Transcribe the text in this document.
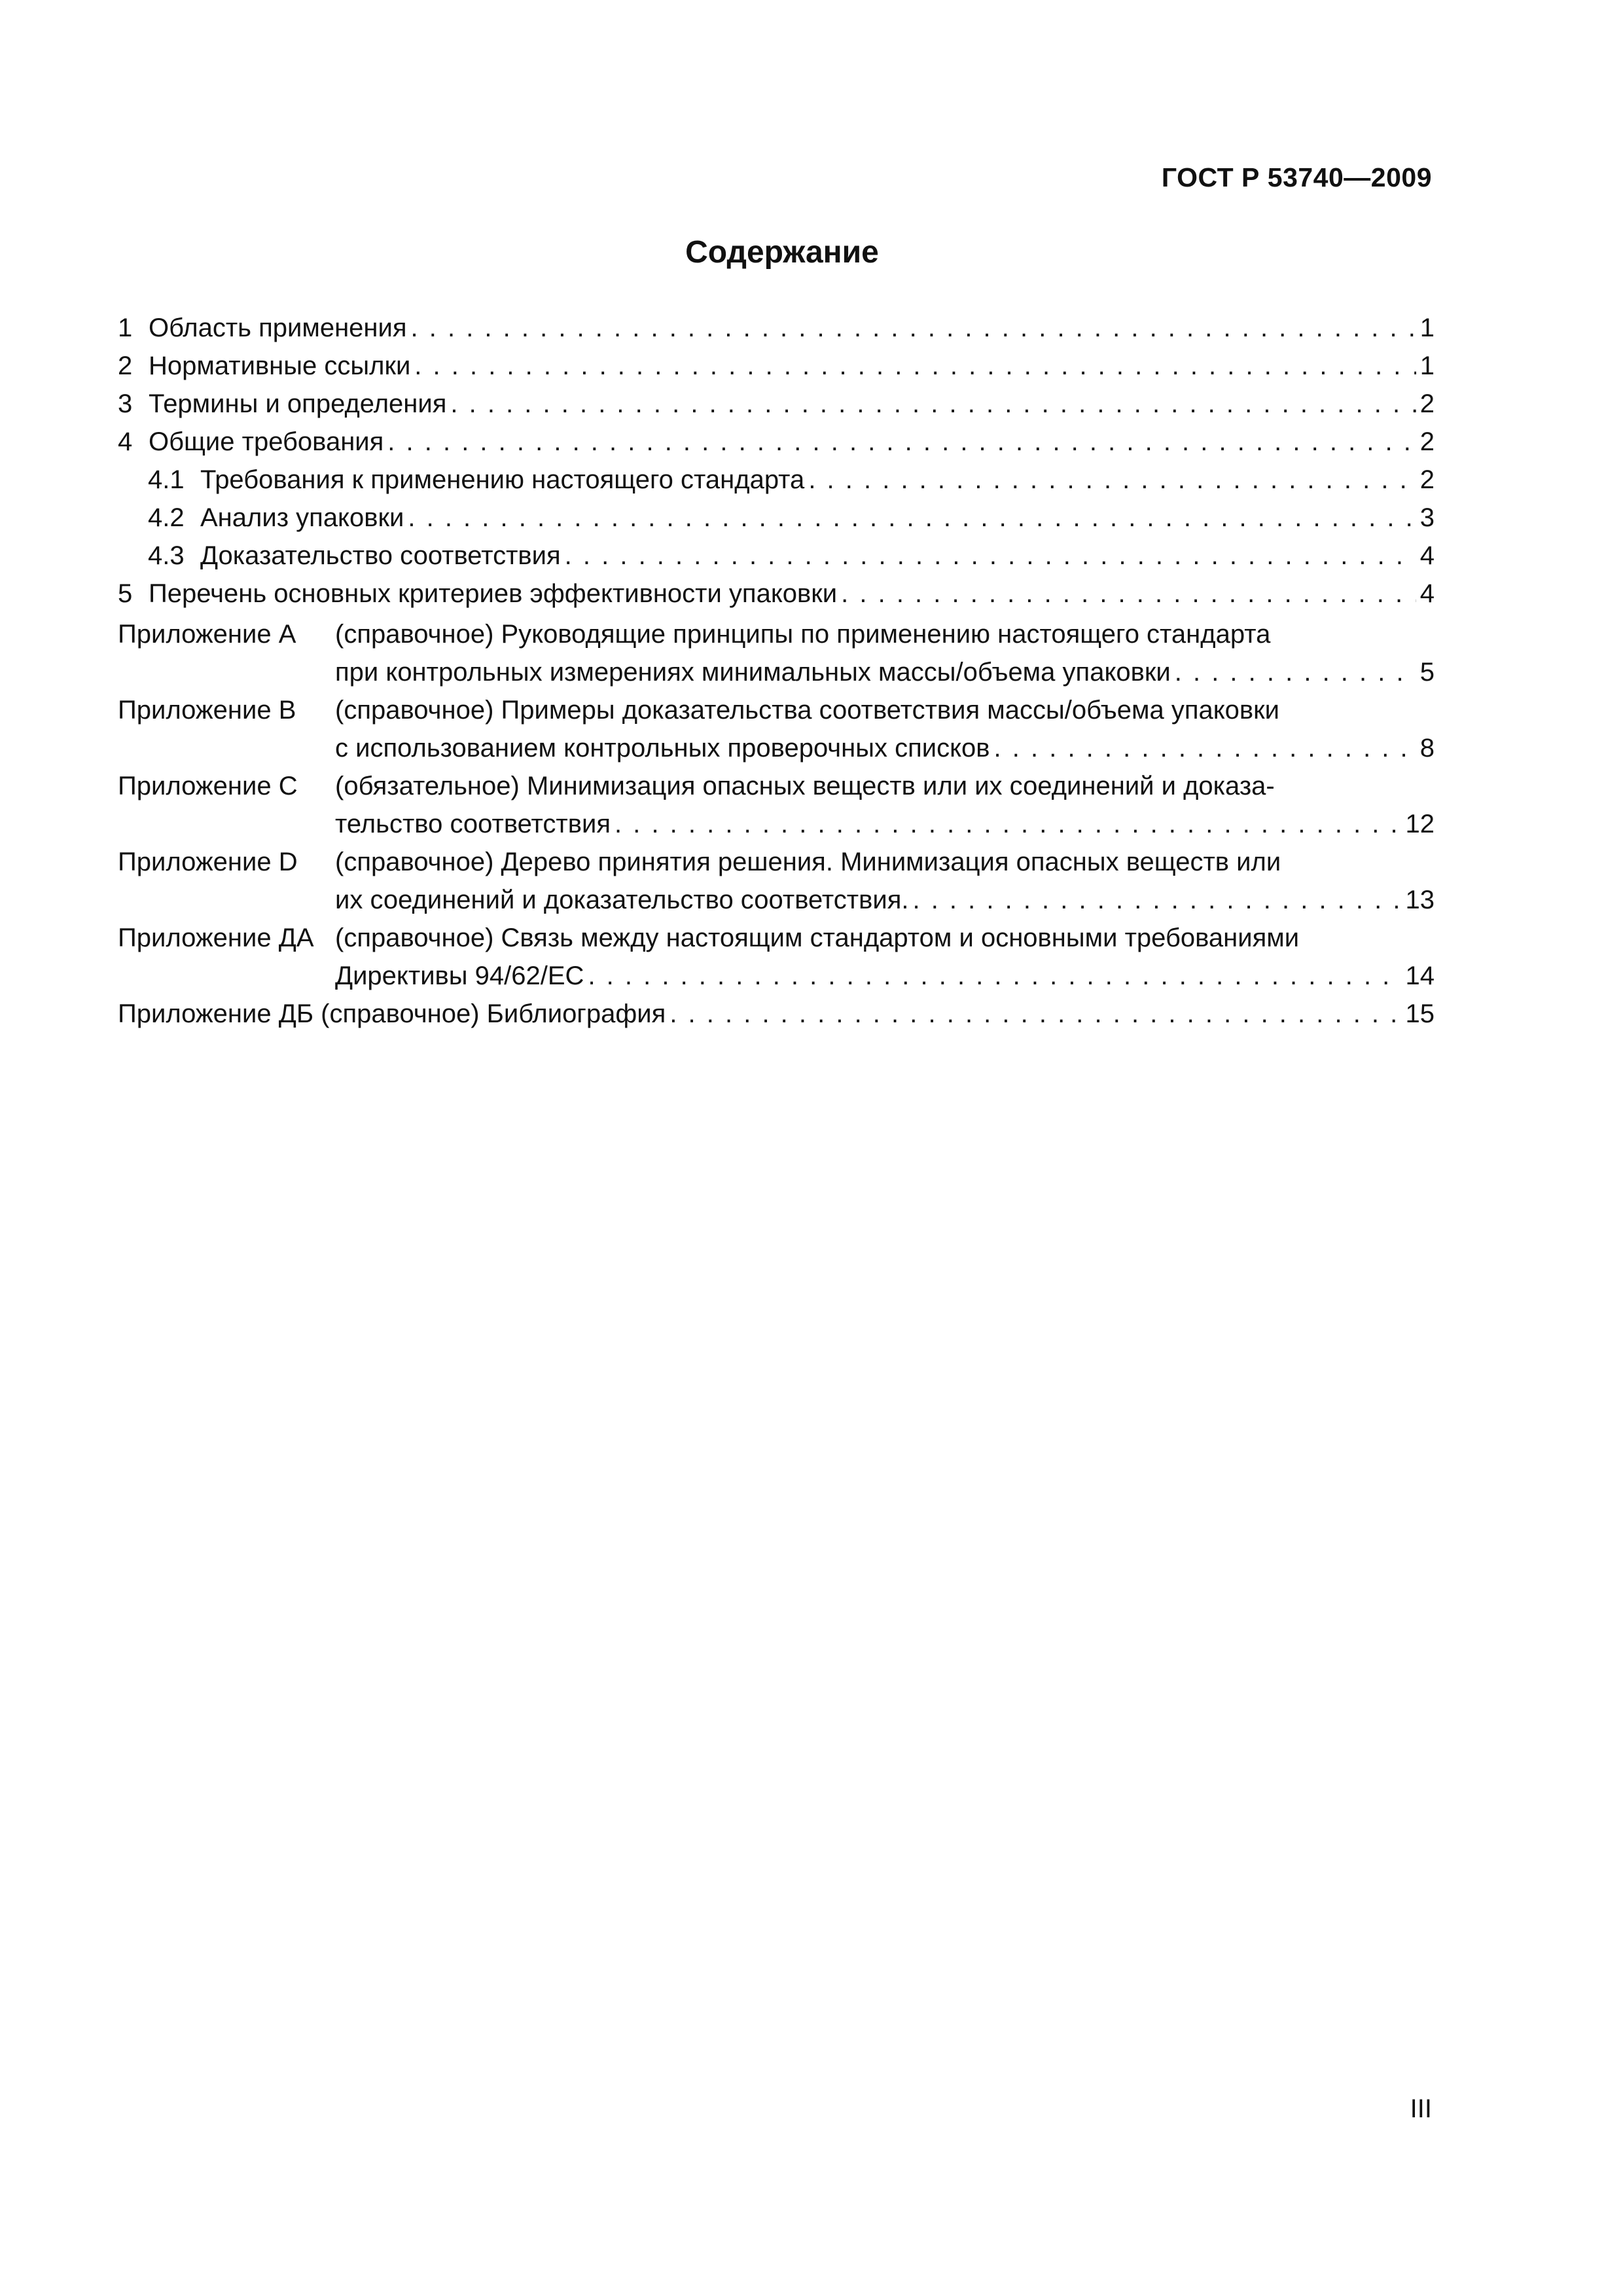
ГОСТ Р 53740—2009
Содержание
1 Область применения . . .	1
2 Нормативные ссылки . . .	1
3 Термины и определения . . .	2
4 Общие требования . . .	2
4.1 Требования к применению настоящего стандарта . . .	2
4.2 Анализ упаковки . . .	3
4.3 Доказательство соответствия . . .	4
5 Перечень основных критериев эффективности упаковки . . .	4
Приложение А	(справочное) Руководящие принципы по применению настоящего стандарта
при контрольных измерениях минимальных массы/объема упаковки . . .	5
Приложение В	(справочное) Примеры доказательства соответствия массы/объема упаковки
с использованием контрольных проверочных списков . . .	8
Приложение С	(обязательное) Минимизация опасных веществ или их соединений и доказа-
тельство соответствия . . .	12
Приложение D	(справочное) Дерево принятия решения. Минимизация опасных веществ или
их соединений и доказательство соответствия. . . .	13
Приложение ДА (справочное) Связь между настоящим стандартом и основными требованиями
Директивы 94/62/ЕС . . .	14
Приложение ДБ (справочное) Библиография . . .	15
III
